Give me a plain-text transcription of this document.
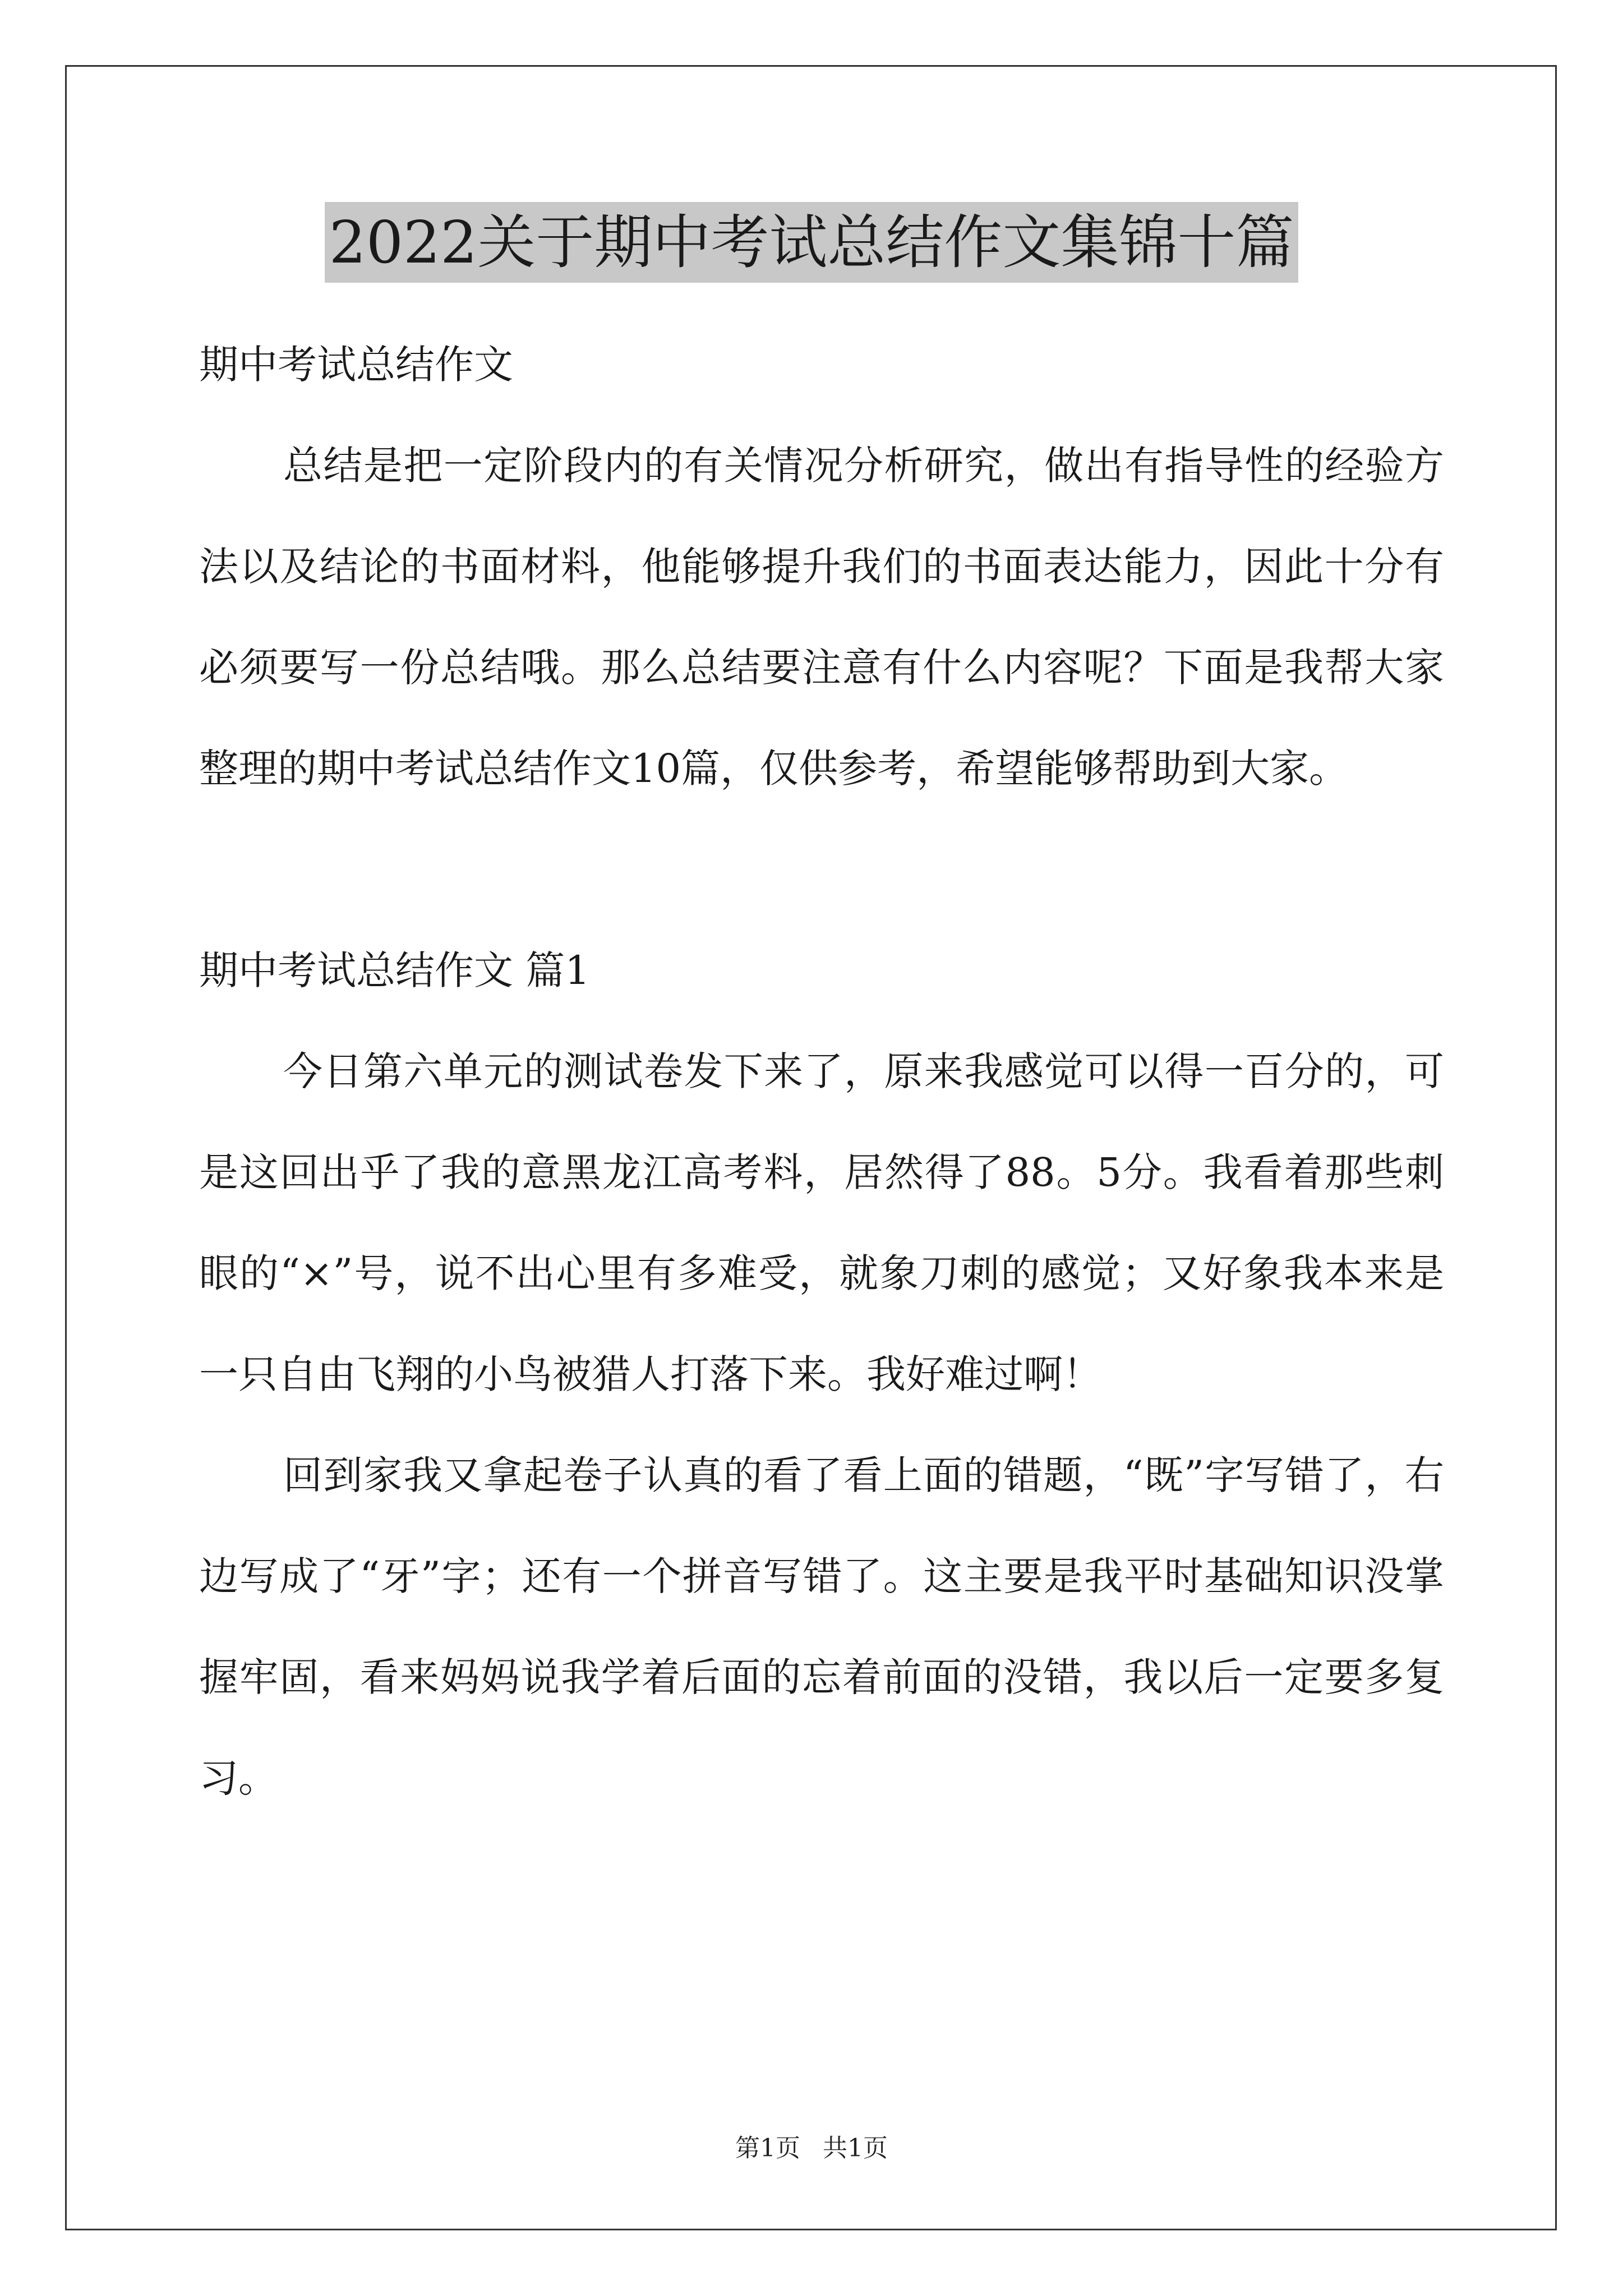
2022关于期中考试总结作文集锦十篇

期中考试总结作文

总结是把一定阶段内的有关情况分析研究，做出有指导性的经验方法以及结论的书面材料，他能够提升我们的书面表达能力，因此十分有必须要写一份总结哦。那么总结要注意有什么内容呢？下面是我帮大家整理的期中考试总结作文10篇，仅供参考，希望能够帮助到大家。

期中考试总结作文 篇1

今日第六单元的测试卷发下来了，原来我感觉可以得一百分的，可是这回出乎了我的意黑龙江高考料，居然得了88。5分。我看着那些刺眼的“×”号，说不出心里有多难受，就象刀刺的感觉；又好象我本来是一只自由飞翔的小鸟被猎人打落下来。我好难过啊！

回到家我又拿起卷子认真的看了看上面的错题，“既”字写错了，右边写成了“牙”字；还有一个拼音写错了。这主要是我平时基础知识没掌握牢固，看来妈妈说我学着后面的忘着前面的没错，我以后一定要多复习。

第1页 共1页
